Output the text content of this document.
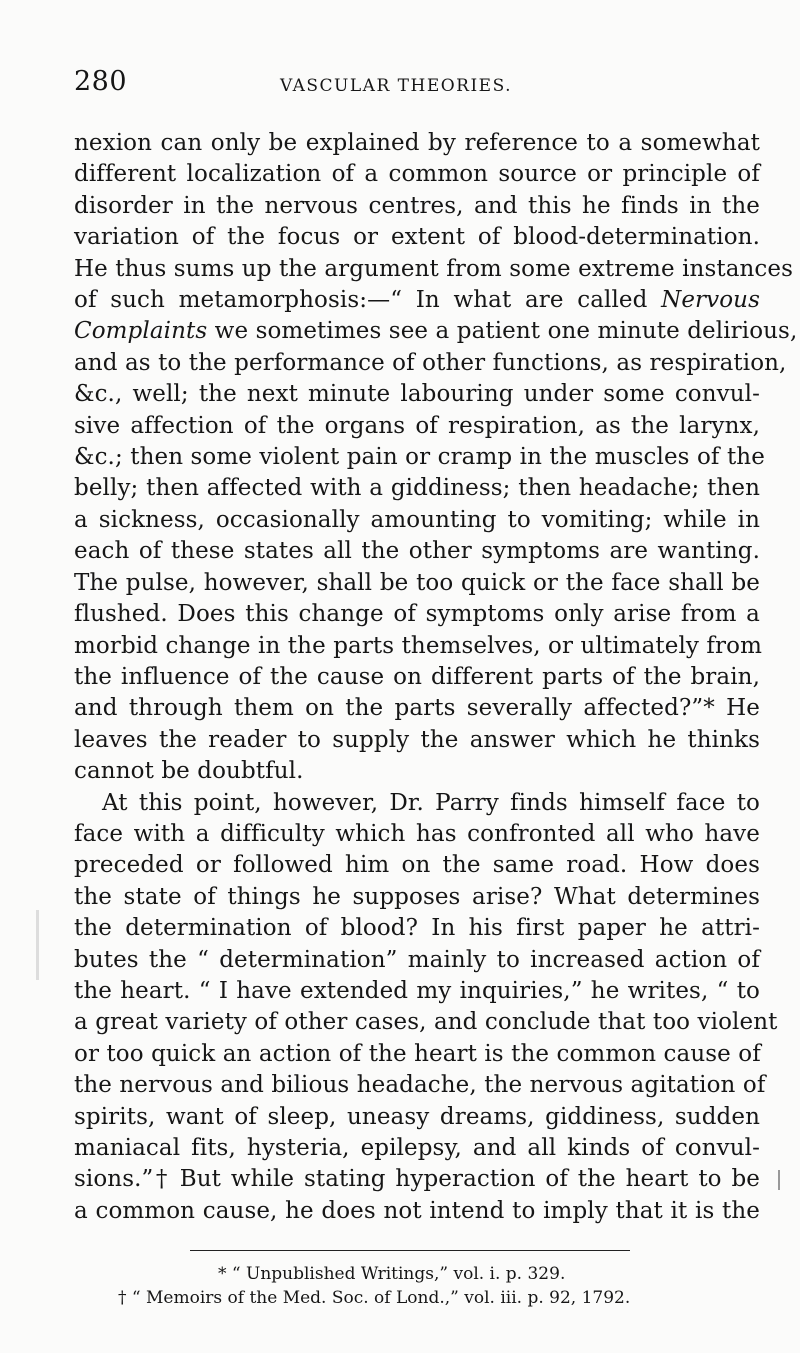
280	VASCULAR THEORIES.
nexion can only be explained by reference to a somewhat
different localization of a common source or principle of
disorder in the nervous centres, and this he finds in the
variation of the focus or extent of blood-determination.
He thus sums up the argument from some extreme instances
of such metamorphosis:—“ In what are called Nervous
Complaints we sometimes see a patient one minute delirious,
and as to the performance of other functions, as respiration,
&c., well; the next minute labouring under some convul-
sive affection of the organs of respiration, as the larynx,
&c.; then some violent pain or cramp in the muscles of the
belly; then affected with a giddiness; then headache; then
a sickness, occasionally amounting to vomiting; while in
each of these states all the other symptoms are wanting.
The pulse, however, shall be too quick or the face shall be
flushed. Does this change of symptoms only arise from a
morbid change in the parts themselves, or ultimately from
the influence of the cause on different parts of the brain,
and through them on the parts severally affected?”* He
leaves the reader to supply the answer which he thinks
cannot be doubtful.
At this point, however, Dr. Parry finds himself face to
face with a difficulty which has confronted all who have
preceded or followed him on the same road. How does
the state of things he supposes arise? What determines
the determination of blood? In his first paper he attri-
butes the “ determination” mainly to increased action of
the heart. “ I have extended my inquiries,” he writes, “ to
a great variety of other cases, and conclude that too violent
or too quick an action of the heart is the common cause of
the nervous and bilious headache, the nervous agitation of
spirits, want of sleep, uneasy dreams, giddiness, sudden
maniacal fits, hysteria, epilepsy, and all kinds of convul-
sions.”† But while stating hyperaction of the heart to be
a common cause, he does not intend to imply that it is the
* “ Unpublished Writings,” vol. i. p. 329.
† “ Memoirs of the Med. Soc. of Lond.,” vol. iii. p. 92, 1792.
